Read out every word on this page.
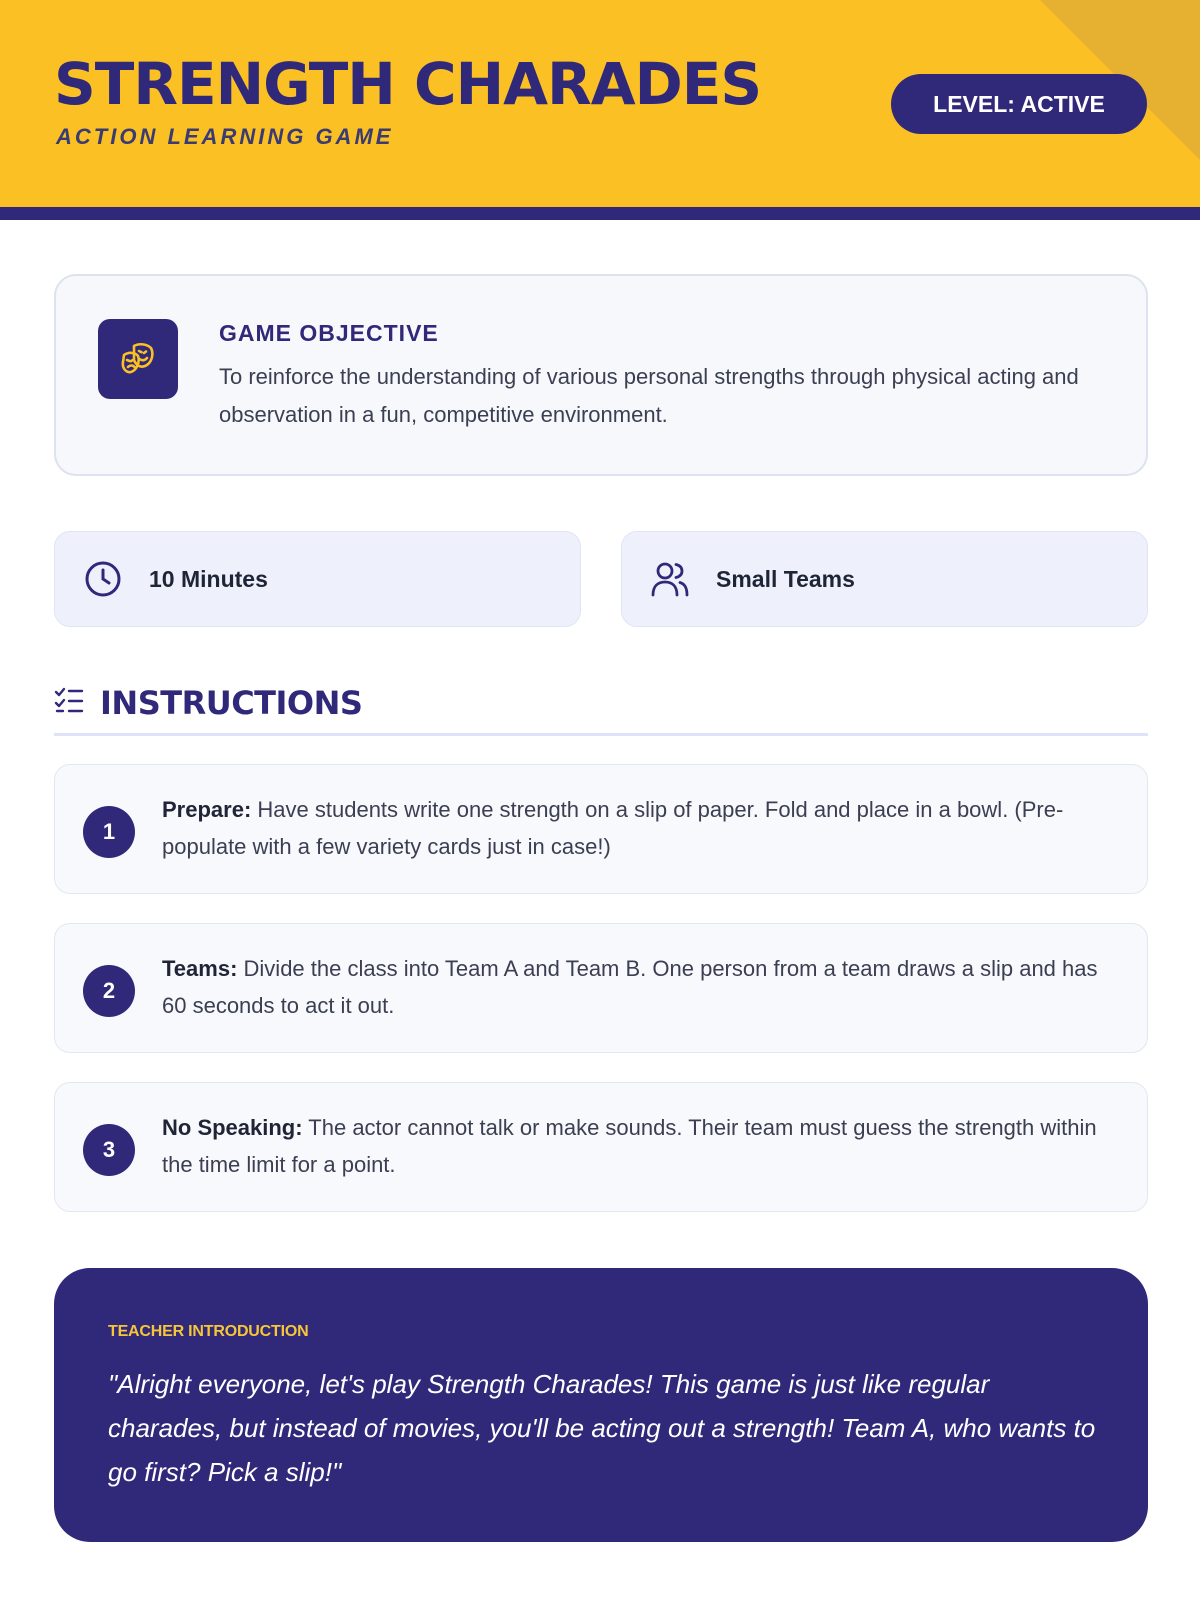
STRENGTH CHARADES
ACTION LEARNING GAME
LEVEL: ACTIVE
GAME OBJECTIVE
To reinforce the understanding of various personal strengths through physical acting and observation in a fun, competitive environment.
10 Minutes	Small Teams
INSTRUCTIONS
1
Prepare: Have students write one strength on a slip of paper. Fold and place in a bowl. (Pre-populate with a few variety cards just in case!)
2
Teams: Divide the class into Team A and Team B. One person from a team draws a slip and has 60 seconds to act it out.
3
No Speaking: The actor cannot talk or make sounds. Their team must guess the strength within the time limit for a point.
TEACHER INTRODUCTION
"Alright everyone, let's play Strength Charades! This game is just like regular charades, but instead of movies, you'll be acting out a strength! Team A, who wants to go first? Pick a slip!"
